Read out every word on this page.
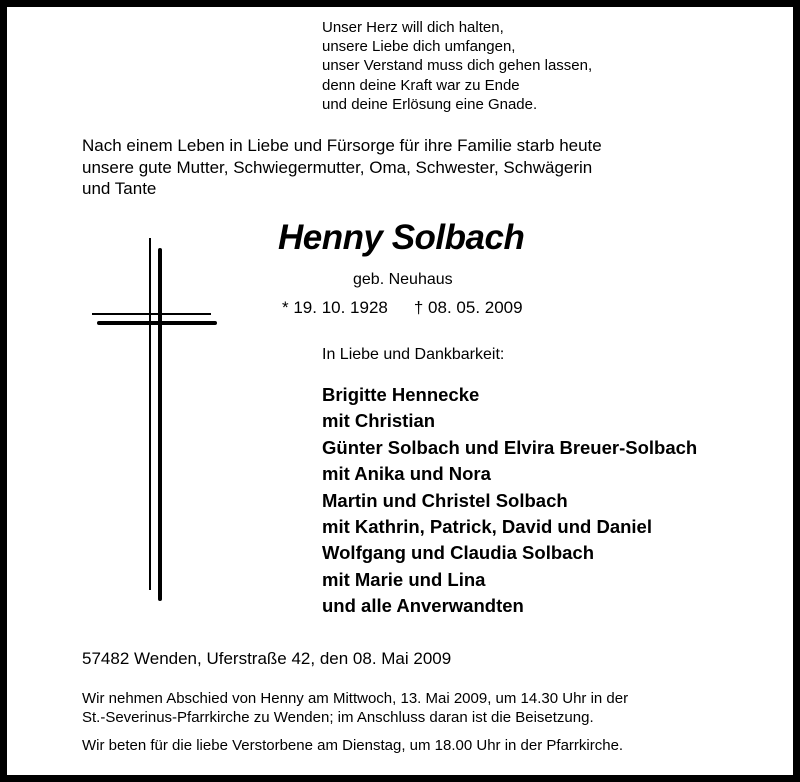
Unser Herz will dich halten,
unsere Liebe dich umfangen,
unser Verstand muss dich gehen lassen,
denn deine Kraft war zu Ende
und deine Erlösung eine Gnade.
Nach einem Leben in Liebe und Fürsorge für ihre Familie starb heute
unsere gute Mutter, Schwiegermutter, Oma, Schwester, Schwägerin
und Tante
Henny Solbach
geb. Neuhaus
* 19. 10. 1928 † 08. 05. 2009
In Liebe und Dankbarkeit:
Brigitte Hennecke
mit Christian
Günter Solbach und Elvira Breuer-Solbach
mit Anika und Nora
Martin und Christel Solbach
mit Kathrin, Patrick, David und Daniel
Wolfgang und Claudia Solbach
mit Marie und Lina
und alle Anverwandten
57482 Wenden, Uferstraße 42, den 08. Mai 2009
Wir nehmen Abschied von Henny am Mittwoch, 13. Mai 2009, um 14.30 Uhr in der
St.-Severinus-Pfarrkirche zu Wenden; im Anschluss daran ist die Beisetzung.
Wir beten für die liebe Verstorbene am Dienstag, um 18.00 Uhr in der Pfarrkirche.
